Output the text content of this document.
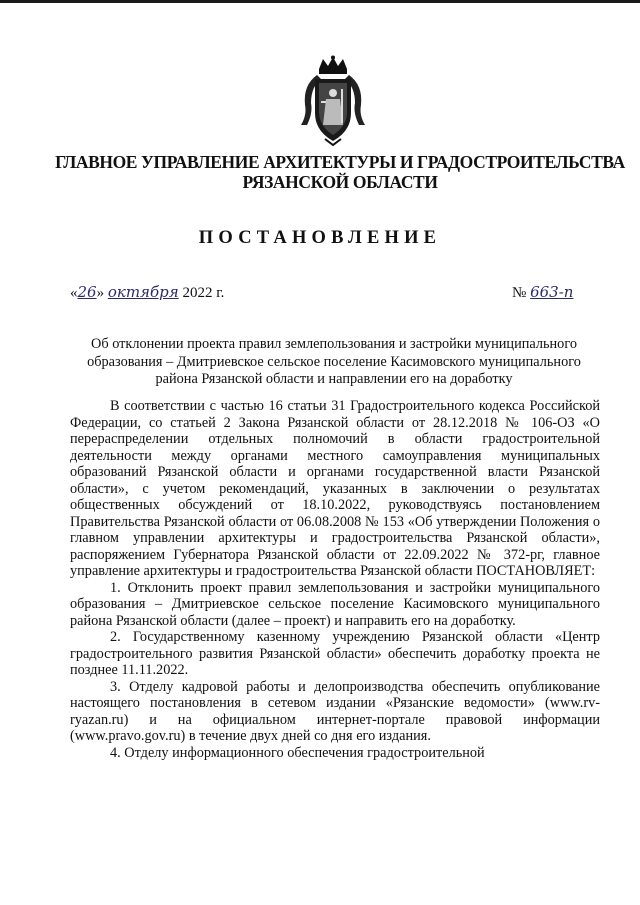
ГЛАВНОЕ УПРАВЛЕНИЕ АРХИТЕКТУРЫ И ГРАДОСТРОИТЕЛЬСТВА
РЯЗАНСКОЙ ОБЛАСТИ
ПОСТАНОВЛЕНИЕ
«26» октября 2022 г.	№ 663-п
Об отклонении проекта правил землепользования и застройки муниципального образования – Дмитриевское сельское поселение Касимовского муниципального района Рязанской области и направлении его на доработку

В соответствии с частью 16 статьи 31 Градостроительного кодекса Российской Федерации, со статьей 2 Закона Рязанской области от 28.12.2018 № 106-ОЗ «О перераспределении отдельных полномочий в области градостроительной деятельности между органами местного самоуправления муниципальных образований Рязанской области и органами государственной власти Рязанской области», с учетом рекомендаций, указанных в заключении о результатах общественных обсуждений от 18.10.2022, руководствуясь постановлением Правительства Рязанской области от 06.08.2008 № 153 «Об утверждении Положения о главном управлении архитектуры и градостроительства Рязанской области», распоряжением Губернатора Рязанской области от 22.09.2022 № 372-рг, главное управление архитектуры и градостроительства Рязанской области ПОСТАНОВЛЯЕТ:

1. Отклонить проект правил землепользования и застройки муниципального образования – Дмитриевское сельское поселение Касимовского муниципального района Рязанской области (далее – проект) и направить его на доработку.

2. Государственному казенному учреждению Рязанской области «Центр градостроительного развития Рязанской области» обеспечить доработку проекта не позднее 11.11.2022.

3. Отделу кадровой работы и делопроизводства обеспечить опубликование настоящего постановления в сетевом издании «Рязанские ведомости» (www.rv-ryazan.ru) и на официальном интернет-портале правовой информации (www.pravo.gov.ru) в течение двух дней со дня его издания.

4. Отделу информационного обеспечения градостроительной
